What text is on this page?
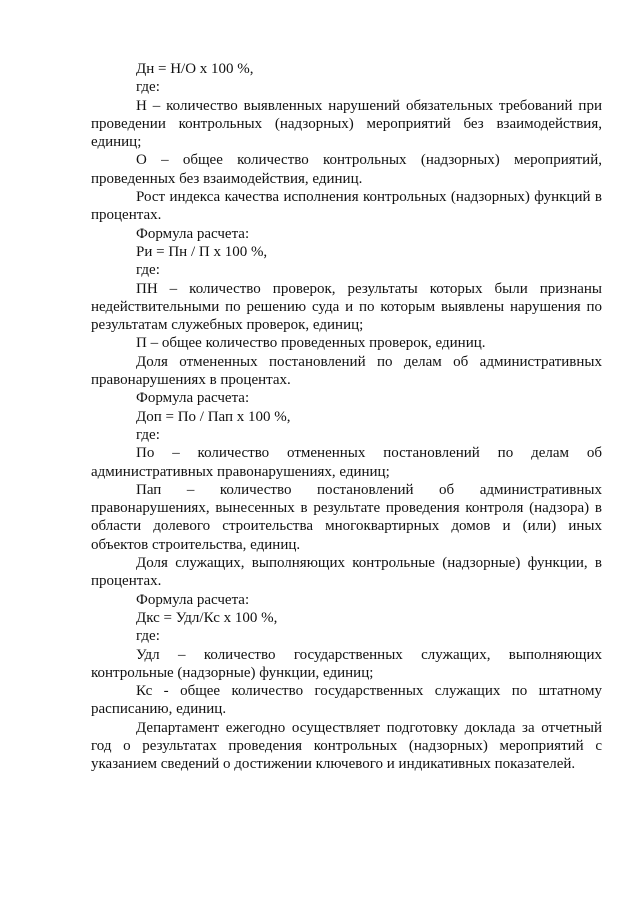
Дн = Н/О х 100 %,

где:

Н – количество выявленных нарушений обязательных требований при проведении контрольных (надзорных) мероприятий без взаимодействия, единиц;

О – общее количество контрольных (надзорных) мероприятий, проведенных без взаимодействия, единиц.

Рост индекса качества исполнения контрольных (надзорных) функций в процентах.

Формула расчета:

Ри = Пн / П х 100 %,

где:

ПН – количество проверок, результаты которых были признаны недействительными по решению суда и по которым выявлены нарушения по результатам служебных проверок, единиц;

П – общее количество проведенных проверок, единиц.

Доля отмененных постановлений по делам об административных правонарушениях в процентах.

Формула расчета:

Доп = По / Пап х 100 %,

где:

По – количество отмененных постановлений по делам об административных правонарушениях, единиц;

Пап – количество постановлений об административных правонарушениях, вынесенных в результате проведения контроля (надзора) в области долевого строительства многоквартирных домов и (или) иных объектов строительства, единиц.

Доля служащих, выполняющих контрольные (надзорные) функции, в процентах.

Формула расчета:

Дкс = Удл/Кс х 100 %,

где:

Удл – количество государственных служащих, выполняющих контрольные (надзорные) функции, единиц;

Кс - общее количество государственных служащих по штатному расписанию, единиц.

Департамент ежегодно осуществляет подготовку доклада за отчетный год о результатах проведения контрольных (надзорных) мероприятий с указанием сведений о достижении ключевого и индикативных показателей.
